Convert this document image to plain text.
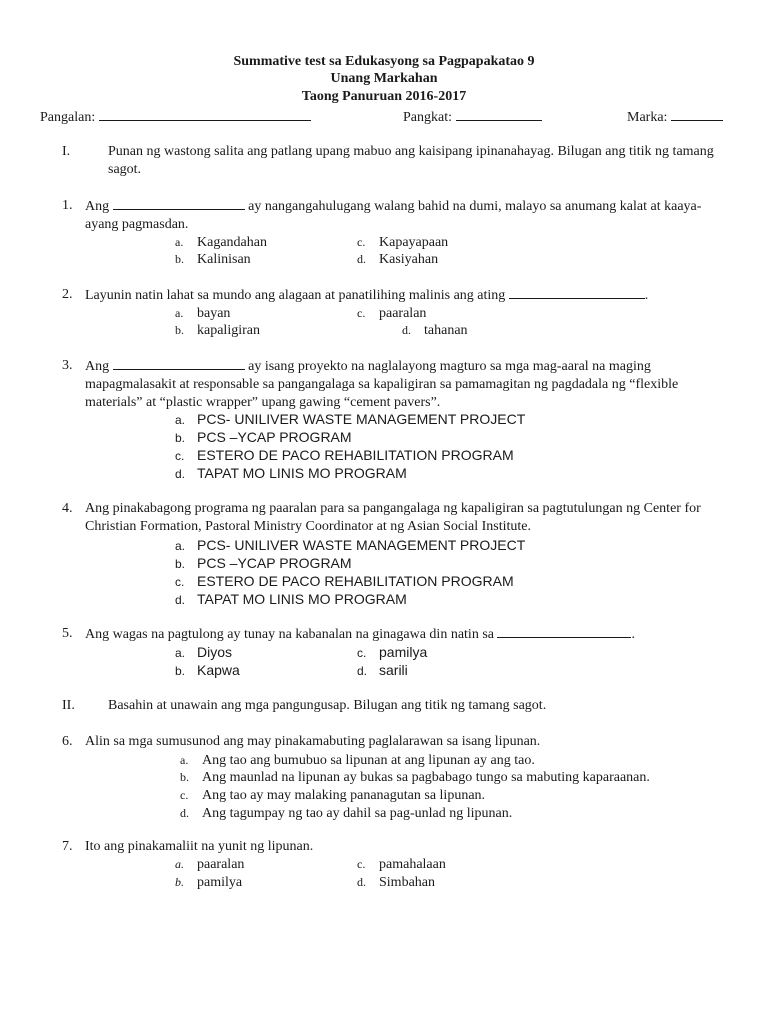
Summative test sa Edukasyong sa Pagpapakatao 9
Unang Markahan
Taong Panuruan 2016-2017
Pangalan:	Pangkat:	Marka:
I.	Punan ng wastong salita ang patlang upang mabuo ang kaisipang ipinanahayag. Bilugan ang titik ng tamang sagot.
1. Ang	ay nangangahulugang walang bahid na dumi, malayo sa anumang kalat at kaaya-ayang pagmasdan.
a. Kagandahan	c. Kapayapaan
b. Kalinisan	d. Kasiyahan
2. Layunin natin lahat sa mundo ang alagaan at panatilihing malinis ang ating	.
a. bayan	c. paaralan
b. kapaligiran	d. tahanan
3. Ang	ay isang proyekto na naglalayong magturo sa mga mag-aaral na maging mapagmalasakit at responsable sa pangangalaga sa kapaligiran sa pamamagitan ng pagdadala ng “flexible materials” at “plastic wrapper” upang gawing “cement pavers”.
a. PCS- UNILIVER WASTE MANAGEMENT PROJECT
b. PCS –YCAP PROGRAM
c. ESTERO DE PACO REHABILITATION PROGRAM
d. TAPAT MO LINIS MO PROGRAM
4. Ang pinakabagong programa ng paaralan para sa pangangalaga ng kapaligiran sa pagtutulungan ng Center for Christian Formation, Pastoral Ministry Coordinator at ng Asian Social Institute.
a. PCS- UNILIVER WASTE MANAGEMENT PROJECT
b. PCS –YCAP PROGRAM
c. ESTERO DE PACO REHABILITATION PROGRAM
d. TAPAT MO LINIS MO PROGRAM
5. Ang wagas na pagtulong ay tunay na kabanalan na ginagawa din natin sa	.
a. Diyos	c. pamilya
b. Kapwa	d. sarili
II. Basahin at unawain ang mga pangungusap. Bilugan ang titik ng tamang sagot.
6. Alin sa mga sumusunod ang may pinakamabuting paglalarawan sa isang lipunan.
a. Ang tao ang bumubuo sa lipunan at ang lipunan ay ang tao.
b. Ang maunlad na lipunan ay bukas sa pagbabago tungo sa mabuting kaparaanan.
c. Ang tao ay may malaking pananagutan sa lipunan.
d. Ang tagumpay ng tao ay dahil sa pag-unlad ng lipunan.
7. Ito ang pinakamaliit na yunit ng lipunan.
a. paaralan	c. pamahalaan
b. pamilya	d. Simbahan
